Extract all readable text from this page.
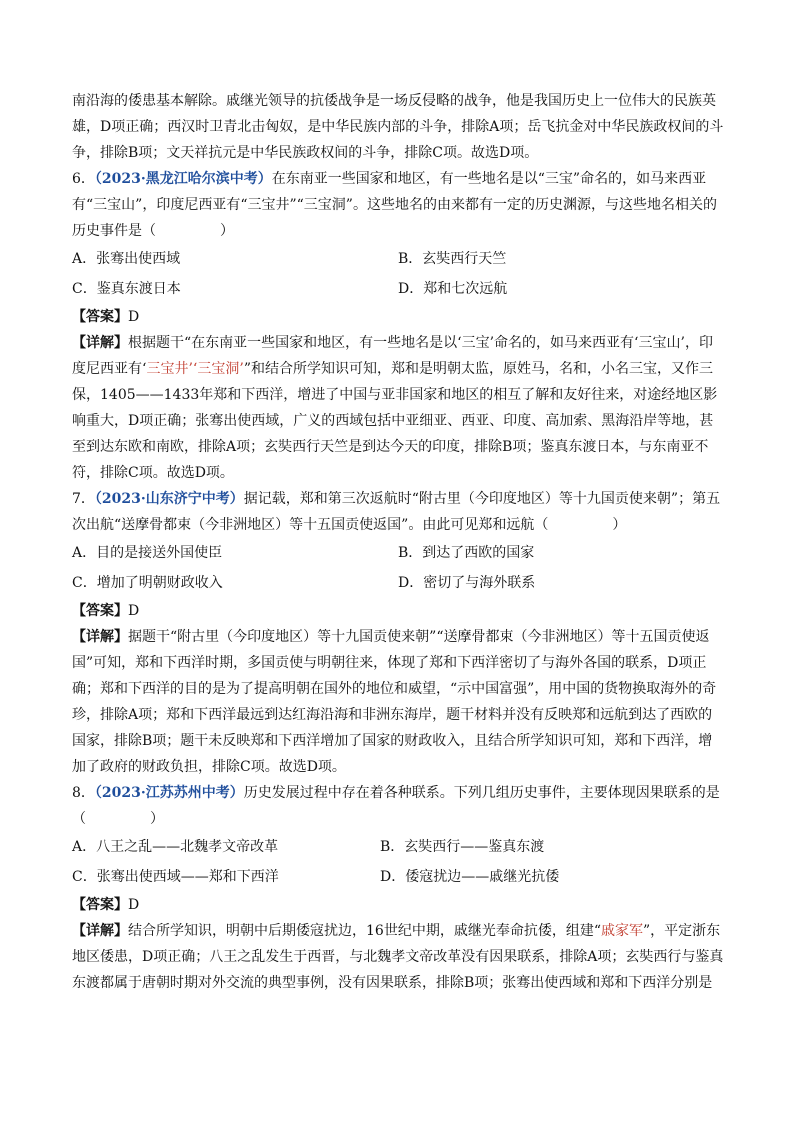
南沿海的倭患基本解除。戚继光领导的抗倭战争是一场反侵略的战争，他是我国历史上一位伟大的民族英雄，D项正确；西汉时卫青北击匈奴，是中华民族内部的斗争，排除A项；岳飞抗金对中华民族政权间的斗争，排除B项；文天祥抗元是中华民族政权间的斗争，排除C项。故选D项。

6．（2023·黑龙江哈尔滨中考）在东南亚一些国家和地区，有一些地名是以“三宝”命名的，如马来西亚有“三宝山”，印度尼西亚有“三宝井”“三宝洞”。这些地名的由来都有一定的历史渊源，与这些地名相关的历史事件是（	）

A．张骞出使西域	B．玄奘西行天竺
C．鉴真东渡日本	D．郑和七次远航

【答案】D

【详解】根据题干“在东南亚一些国家和地区，有一些地名是以‘三宝’命名的，如马来西亚有‘三宝山’，印度尼西亚有‘三宝井’‘三宝洞’”和结合所学知识可知，郑和是明朝太监，原姓马，名和，小名三宝，又作三保，1405——1433年郑和下西洋，增进了中国与亚非国家和地区的相互了解和友好往来，对途经地区影响重大，D项正确；张骞出使西域，广义的西域包括中亚细亚、西亚、印度、高加索、黑海沿岸等地，甚至到达东欧和南欧，排除A项；玄奘西行天竺是到达今天的印度，排除B项；鉴真东渡日本，与东南亚不符，排除C项。故选D项。

7．（2023·山东济宁中考）据记载，郑和第三次返航时“附古里（今印度地区）等十九国贡使来朝”；第五次出航“送摩骨都束（今非洲地区）等十五国贡使返国”。由此可见郑和远航（	）

A．目的是接送外国使臣	B．到达了西欧的国家
C．增加了明朝财政收入	D．密切了与海外联系

【答案】D

【详解】据题干“附古里（今印度地区）等十九国贡使来朝”“送摩骨都束（今非洲地区）等十五国贡使返国”可知，郑和下西洋时期，多国贡使与明朝往来，体现了郑和下西洋密切了与海外各国的联系，D项正确；郑和下西洋的目的是为了提高明朝在国外的地位和威望，“示中国富强”，用中国的货物换取海外的奇珍，排除A项；郑和下西洋最远到达红海沿海和非洲东海岸，题干材料并没有反映郑和远航到达了西欧的国家，排除B项；题干未反映郑和下西洋增加了国家的财政收入，且结合所学知识可知，郑和下西洋，增加了政府的财政负担，排除C项。故选D项。

8．（2023·江苏苏州中考）历史发展过程中存在着各种联系。下列几组历史事件，主要体现因果联系的是（	）

A．八王之乱——北魏孝文帝改革	B．玄奘西行——鉴真东渡
C．张骞出使西域——郑和下西洋	D．倭寇扰边——戚继光抗倭

【答案】D

【详解】结合所学知识，明朝中后期倭寇扰边，16世纪中期，戚继光奉命抗倭，组建“戚家军”，平定浙东地区倭患，D项正确；八王之乱发生于西晋，与北魏孝文帝改革没有因果联系，排除A项；玄奘西行与鉴真东渡都属于唐朝时期对外交流的典型事例，没有因果联系，排除B项；张骞出使西域和郑和下西洋分别是
